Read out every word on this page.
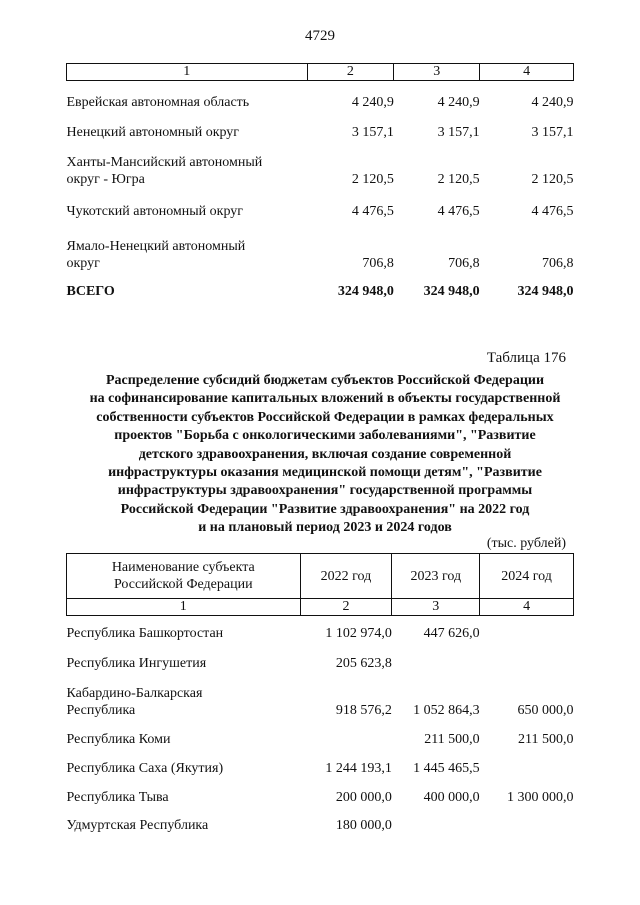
4729
1	2	3	4
Еврейская автономная область	4 240,9	4 240,9	4 240,9
Ненецкий автономный округ	3 157,1	3 157,1	3 157,1
Ханты-Мансийский автономный
округ - Югра	2 120,5	2 120,5	2 120,5
Чукотский автономный округ	4 476,5	4 476,5	4 476,5
Ямало-Ненецкий автономный
округ	706,8	706,8	706,8
ВСЕГО	324 948,0	324 948,0	324 948,0
Таблица 176
Распределение субсидий бюджетам субъектов Российской Федерации
на софинансирование капитальных вложений в объекты государственной
собственности субъектов Российской Федерации в рамках федеральных
проектов "Борьба с онкологическими заболеваниями", "Развитие
детского здравоохранения, включая создание современной
инфраструктуры оказания медицинской помощи детям", "Развитие
инфраструктуры здравоохранения" государственной программы
Российской Федерации "Развитие здравоохранения" на 2022 год
и на плановый период 2023 и 2024 годов
(тыс. рублей)
Наименование субъекта
Российской Федерации	2022 год	2023 год	2024 год
1	2	3	4
Республика Башкортостан	1 102 974,0	447 626,0	
Республика Ингушетия	205 623,8		
Кабардино-Балкарская
Республика	918 576,2	1 052 864,3	650 000,0
Республика Коми		211 500,0	211 500,0
Республика Саха (Якутия)	1 244 193,1	1 445 465,5	
Республика Тыва	200 000,0	400 000,0	1 300 000,0
Удмуртская Республика	180 000,0		
